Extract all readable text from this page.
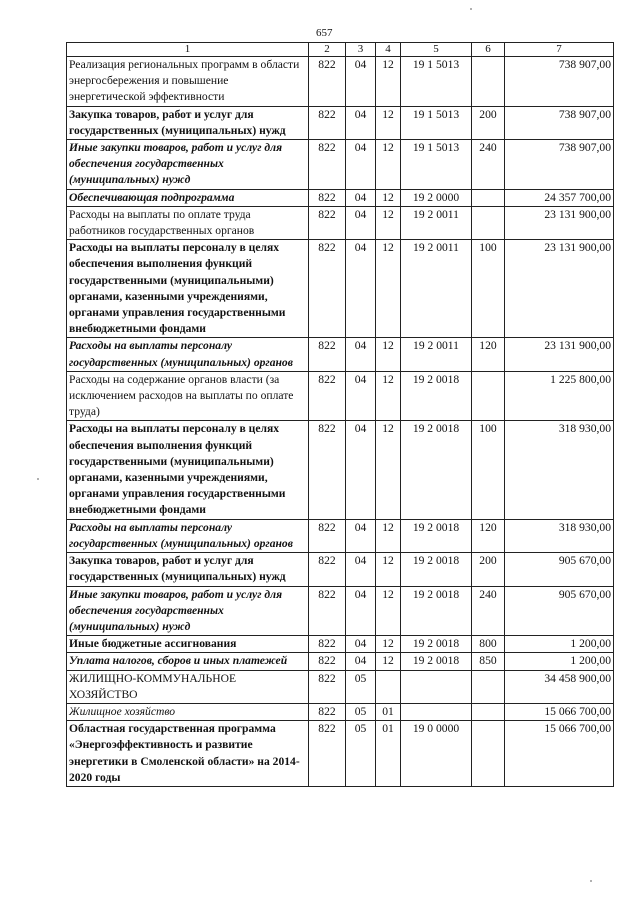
657
1	2	3	4	5	6	7
Реализация региональных программ в области энергосбережения и повышение энергетической эффективности	822	04	12	19 1 5013		738 907,00
Закупка товаров, работ и услуг для государственных (муниципальных) нужд	822	04	12	19 1 5013	200	738 907,00
Иные закупки товаров, работ и услуг для обеспечения государственных (муниципальных) нужд	822	04	12	19 1 5013	240	738 907,00
Обеспечивающая подпрограмма	822	04	12	19 2 0000		24 357 700,00
Расходы на выплаты по оплате труда работников государственных органов	822	04	12	19 2 0011		23 131 900,00
Расходы на выплаты персоналу в целях обеспечения выполнения функций государственными (муниципальными) органами, казенными учреждениями, органами управления государственными внебюджетными фондами	822	04	12	19 2 0011	100	23 131 900,00
Расходы на выплаты персоналу государственных (муниципальных) органов	822	04	12	19 2 0011	120	23 131 900,00
Расходы на содержание органов власти (за исключением расходов на выплаты по оплате труда)	822	04	12	19 2 0018		1 225 800,00
Расходы на выплаты персоналу в целях обеспечения выполнения функций государственными (муниципальными) органами, казенными учреждениями, органами управления государственными внебюджетными фондами	822	04	12	19 2 0018	100	318 930,00
Расходы на выплаты персоналу государственных (муниципальных) органов	822	04	12	19 2 0018	120	318 930,00
Закупка товаров, работ и услуг для государственных (муниципальных) нужд	822	04	12	19 2 0018	200	905 670,00
Иные закупки товаров, работ и услуг для обеспечения государственных (муниципальных) нужд	822	04	12	19 2 0018	240	905 670,00
Иные бюджетные ассигнования	822	04	12	19 2 0018	800	1 200,00
Уплата налогов, сборов и иных платежей	822	04	12	19 2 0018	850	1 200,00
ЖИЛИЩНО-КОММУНАЛЬНОЕ ХОЗЯЙСТВО	822	05				34 458 900,00
Жилищное хозяйство	822	05	01			15 066 700,00
Областная государственная программа «Энергоэффективность и развитие энергетики в Смоленской области» на 2014-2020 годы	822	05	01	19 0 0000		15 066 700,00
